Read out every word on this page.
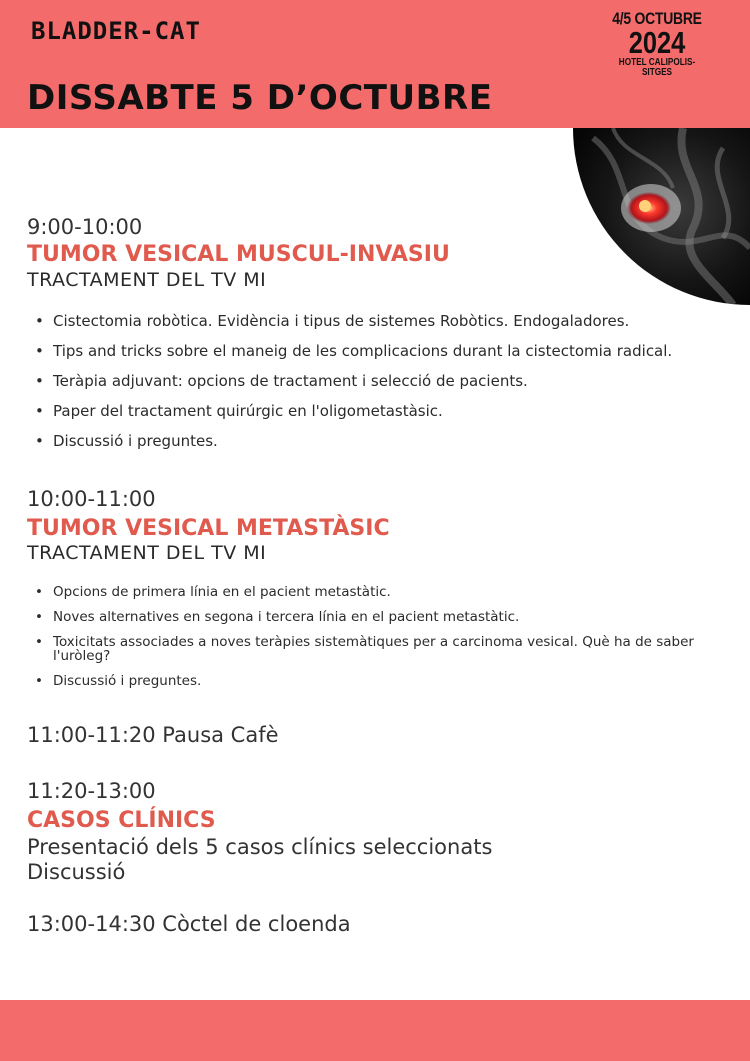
BLADDER-CAT	4/5 OCTUBRE
2024
HOTEL CALIPOLIS- SITGES
DISSABTE 5 D’OCTUBRE
9:00-10:00
TUMOR VESICAL MUSCUL-INVASIU
TRACTAMENT DEL TV MI
• Cistectomia robòtica. Evidència i tipus de sistemes Robòtics. Endogaladores.
• Tips and tricks sobre el maneig de les complicacions durant la cistectomia radical.
• Teràpia adjuvant: opcions de tractament i selecció de pacients.
• Paper del tractament quirúrgic en l'oligometastàsic.
• Discussió i preguntes.
10:00-11:00
TUMOR VESICAL METASTÀSIC
TRACTAMENT DEL TV MI
• Opcions de primera línia en el pacient metastàtic.
• Noves alternatives en segona i tercera línia en el pacient metastàtic.
• Toxicitats associades a noves teràpies sistemàtiques per a carcinoma vesical. Què ha de saber l'uròleg?
• Discussió i preguntes.
11:00-11:20 Pausa Cafè
11:20-13:00
CASOS CLÍNICS
Presentació dels 5 casos clínics seleccionats
Discussió
13:00-14:30 Còctel de cloenda
